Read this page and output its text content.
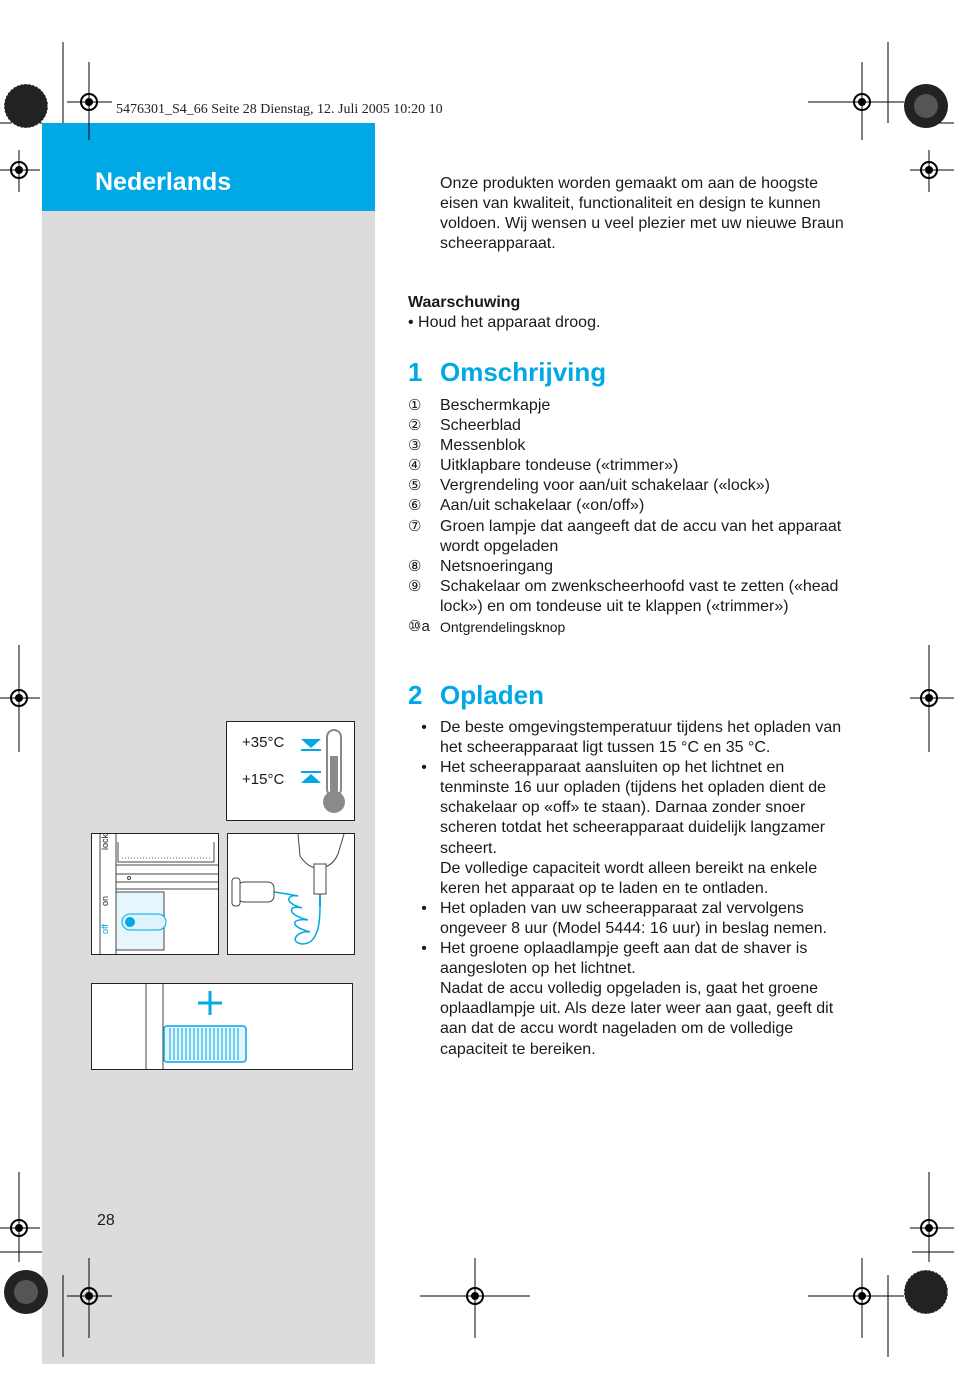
Nederlands
5476301_S4_66 Seite 28 Dienstag, 12. Juli 2005 10:20 10
Onze produkten worden gemaakt om aan de hoogste eisen van kwaliteit, functionaliteit en design te kunnen voldoen. Wij wensen u veel plezier met uw nieuwe Braun scheerapparaat.
Waarschuwing
• Houd het apparaat droog.
1 Omschrijving
①	Beschermkapje
②	Scheerblad
③	Messenblok
④	Uitklapbare tondeuse («trimmer»)
⑤	Vergrendeling voor aan/uit schakelaar («lock»)
⑥	Aan/uit schakelaar («on/off»)
⑦	Groen lampje dat aangeeft dat de accu van het apparaat wordt opgeladen
⑧	Netsnoeringang
⑨	Schakelaar om zwenkscheerhoofd vast te zetten («head lock») en om tondeuse uit te klappen («trimmer»)
⑩a Ontgrendelingsknop
2 Opladen
• De beste omgevingstemperatuur tijdens het opladen van het scheerapparaat ligt tussen 15 °C en 35 °C.
• Het scheerapparaat aansluiten op het lichtnet en tenminste 16 uur opladen (tijdens het opladen dient de schakelaar op «off» te staan). Darnaa zonder snoer scheren totdat het scheerapparaat duidelijk langzamer scheert.
De volledige capaciteit wordt alleen bereikt na enkele keren het apparaat op te laden en te ontladen.
• Het opladen van uw scheerapparaat zal vervolgens ongeveer 8 uur (Model 5444: 16 uur) in beslag nemen.
• Het groene oplaadlampje geeft aan dat de shaver is aangesloten op het lichtnet.
Nadat de accu volledig opgeladen is, gaat het groene oplaadlampje uit. Als deze later weer aan gaat, geeft dit aan dat de accu wordt nageladen om de volledige capaciteit te bereiken.
+35°C
+15°C
lock
on
off
28
